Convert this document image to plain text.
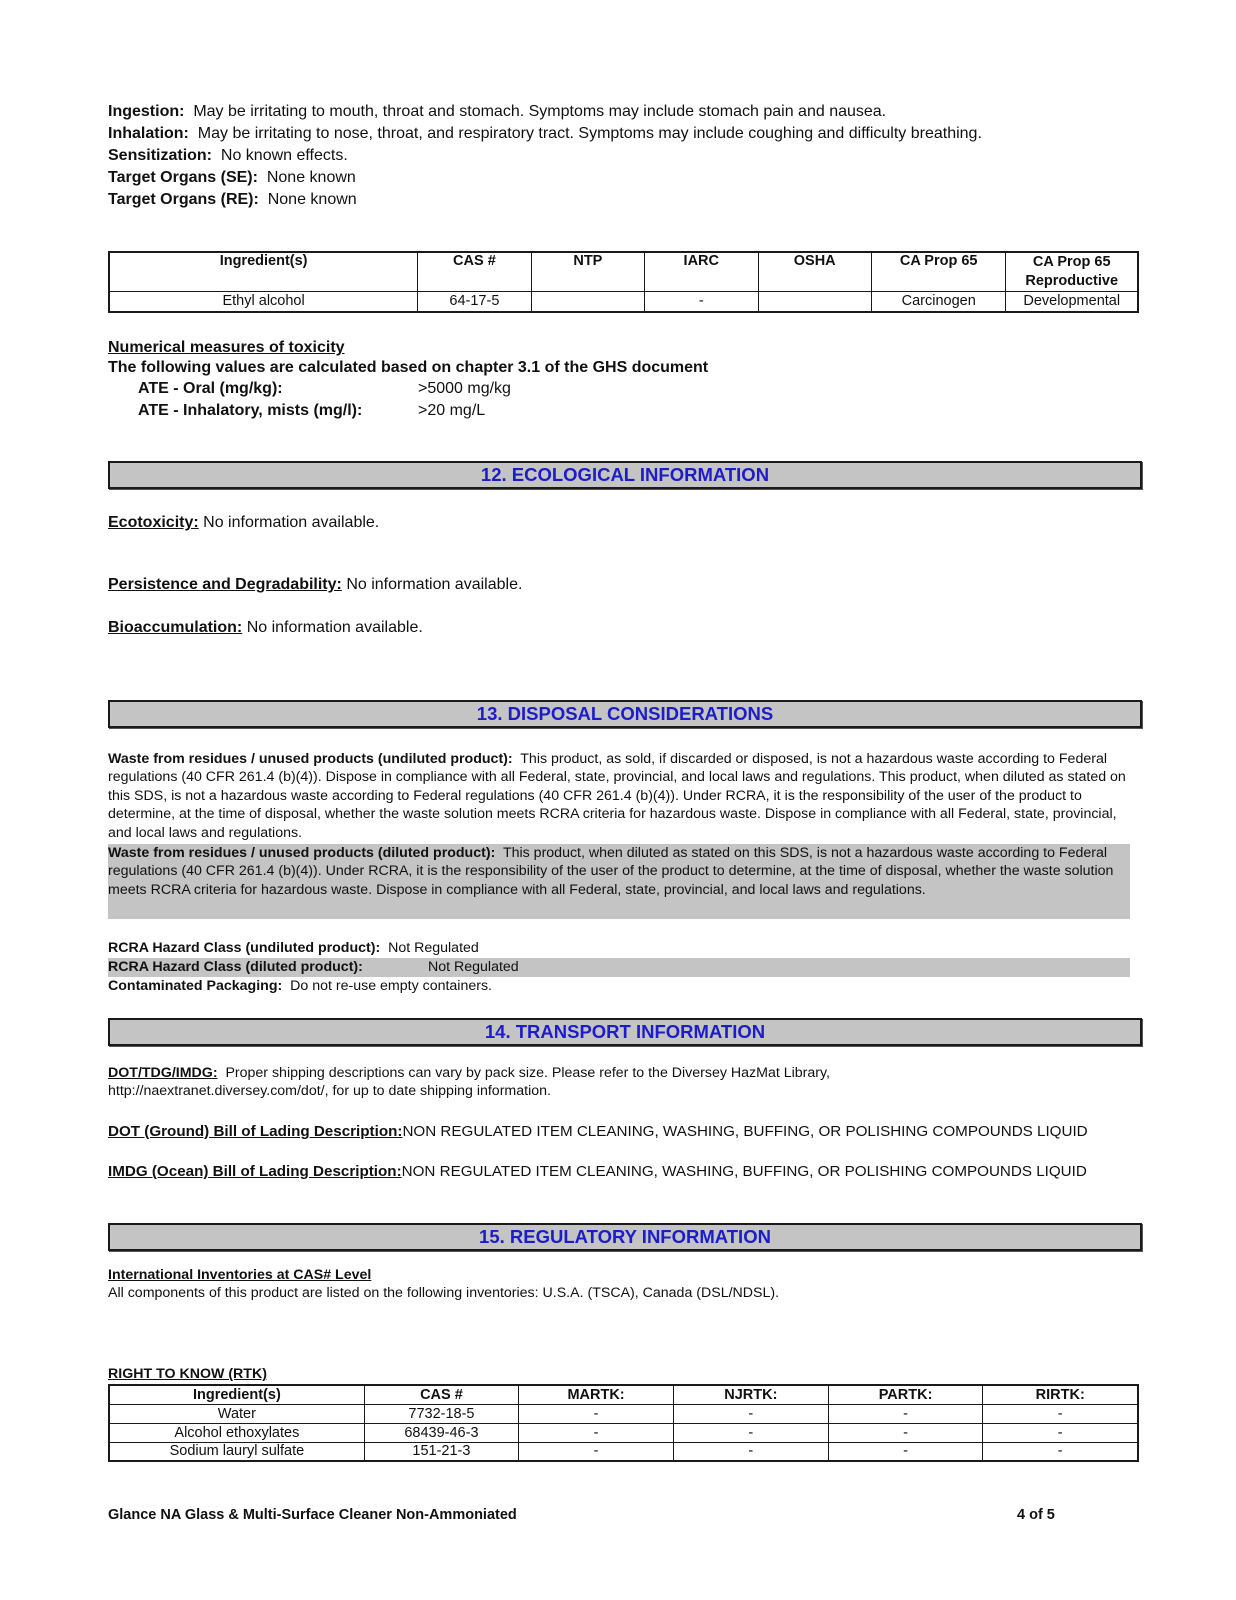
Ingestion: May be irritating to mouth, throat and stomach. Symptoms may include stomach pain and nausea.
Inhalation: May be irritating to nose, throat, and respiratory tract. Symptoms may include coughing and difficulty breathing.
Sensitization: No known effects.
Target Organs (SE): None known
Target Organs (RE): None known
Ingredient(s)	CAS #	NTP	IARC	OSHA	CA Prop 65	CA Prop 65 Reproductive
Ethyl alcohol	64-17-5		-		Carcinogen	Developmental
Numerical measures of toxicity
The following values are calculated based on chapter 3.1 of the GHS document
ATE - Oral (mg/kg):	>5000 mg/kg
ATE - Inhalatory, mists (mg/l):	>20 mg/L
12. ECOLOGICAL INFORMATION
Ecotoxicity: No information available.
Persistence and Degradability: No information available.
Bioaccumulation: No information available.
13. DISPOSAL CONSIDERATIONS
Waste from residues / unused products (undiluted product): This product, as sold, if discarded or disposed, is not a hazardous waste according to Federal regulations (40 CFR 261.4 (b)(4)). Dispose in compliance with all Federal, state, provincial, and local laws and regulations. This product, when diluted as stated on this SDS, is not a hazardous waste according to Federal regulations (40 CFR 261.4 (b)(4)). Under RCRA, it is the responsibility of the user of the product to determine, at the time of disposal, whether the waste solution meets RCRA criteria for hazardous waste. Dispose in compliance with all Federal, state, provincial, and local laws and regulations.
Waste from residues / unused products (diluted product): This product, when diluted as stated on this SDS, is not a hazardous waste according to Federal regulations (40 CFR 261.4 (b)(4)). Under RCRA, it is the responsibility of the user of the product to determine, at the time of disposal, whether the waste solution meets RCRA criteria for hazardous waste. Dispose in compliance with all Federal, state, provincial, and local laws and regulations.
RCRA Hazard Class (undiluted product): Not Regulated
RCRA Hazard Class (diluted product):	Not Regulated
Contaminated Packaging: Do not re-use empty containers.
14. TRANSPORT INFORMATION
DOT/TDG/IMDG: Proper shipping descriptions can vary by pack size. Please refer to the Diversey HazMat Library,
http://naextranet.diversey.com/dot/, for up to date shipping information.
DOT (Ground) Bill of Lading Description:NON REGULATED ITEM CLEANING, WASHING, BUFFING, OR POLISHING COMPOUNDS LIQUID
IMDG (Ocean) Bill of Lading Description:NON REGULATED ITEM CLEANING, WASHING, BUFFING, OR POLISHING COMPOUNDS LIQUID
15. REGULATORY INFORMATION
International Inventories at CAS# Level
All components of this product are listed on the following inventories: U.S.A. (TSCA), Canada (DSL/NDSL).
RIGHT TO KNOW (RTK)
Ingredient(s)	CAS #	MARTK:	NJRTK:	PARTK:	RIRTK:
Water	7732-18-5	-	-	-	-
Alcohol ethoxylates	68439-46-3	-	-	-	-
Sodium lauryl sulfate	151-21-3	-	-	-	-
Glance NA Glass & Multi-Surface Cleaner Non-Ammoniated	4 of 5
